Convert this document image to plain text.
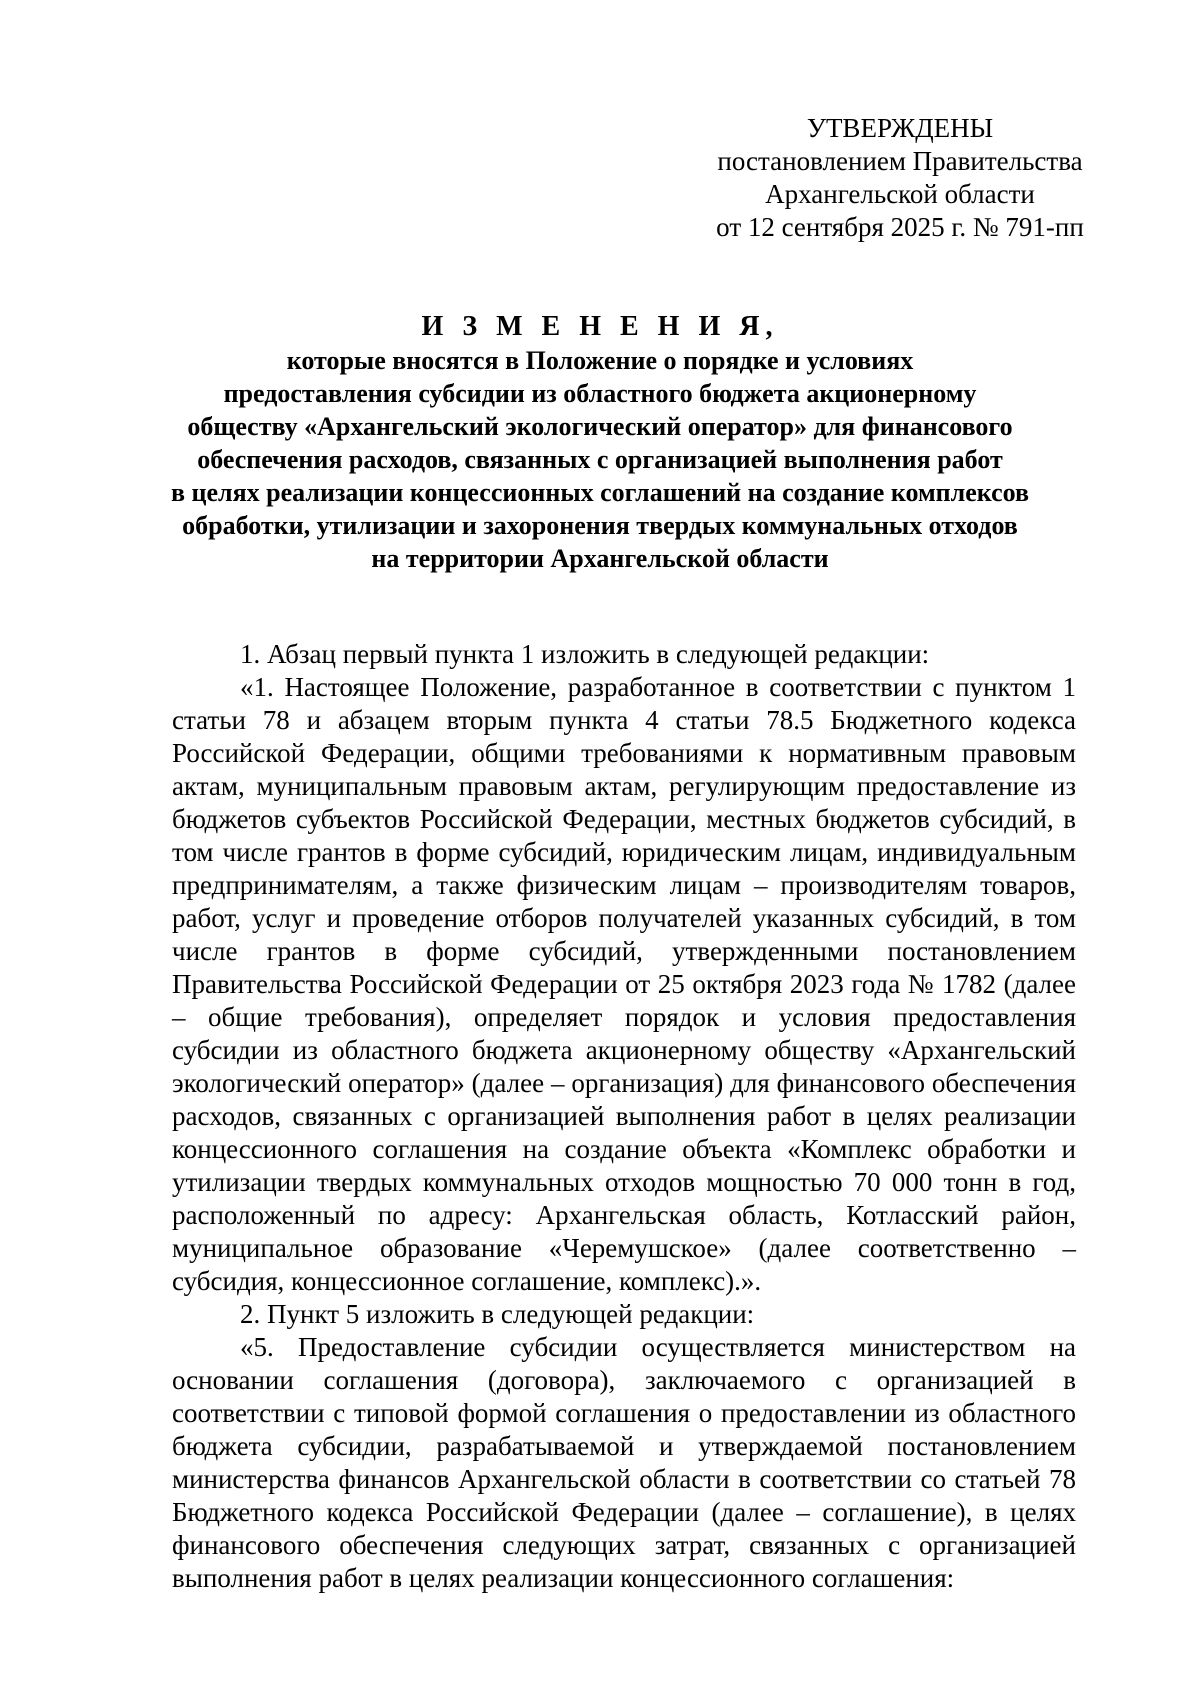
УТВЕРЖДЕНЫ
постановлением Правительства
Архангельской области
от 12 сентября 2025 г. № 791-пп
И З М Е Н Е Н И Я,
которые вносятся в Положение о порядке и условиях
предоставления субсидии из областного бюджета акционерному
обществу «Архангельский экологический оператор» для финансового
обеспечения расходов, связанных с организацией выполнения работ
в целях реализации концессионных соглашений на создание комплексов
обработки, утилизации и захоронения твердых коммунальных отходов
на территории Архангельской области

1. Абзац первый пункта 1 изложить в следующей редакции:

«1. Настоящее Положение, разработанное в соответствии с пунктом 1 статьи 78 и абзацем вторым пункта 4 статьи 78.5 Бюджетного кодекса Российской Федерации, общими требованиями к нормативным правовым актам, муниципальным правовым актам, регулирующим предоставление из бюджетов субъектов Российской Федерации, местных бюджетов субсидий, в том числе грантов в форме субсидий, юридическим лицам, индивидуальным предпринимателям, а также физическим лицам – производителям товаров, работ, услуг и проведение отборов получателей указанных субсидий, в том числе грантов в форме субсидий, утвержденными постановлением Правительства Российской Федерации от 25 октября 2023 года № 1782 (далее – общие требования), определяет порядок и условия предоставления субсидии из областного бюджета акционерному обществу «Архангельский экологический оператор» (далее – организация) для финансового обеспечения расходов, связанных с организацией выполнения работ в целях реализации концессионного соглашения на создание объекта «Комплекс обработки и утилизации твердых коммунальных отходов мощностью 70 000 тонн в год, расположенный по адресу: Архангельская область, Котласский район, муниципальное образование «Черемушское» (далее соответственно – субсидия, концессионное соглашение, комплекс).».

2. Пункт 5 изложить в следующей редакции:

«5. Предоставление субсидии осуществляется министерством на основании соглашения (договора), заключаемого с организацией в соответствии с типовой формой соглашения о предоставлении из областного бюджета субсидии, разрабатываемой и утверждаемой постановлением министерства финансов Архангельской области в соответствии со статьей 78 Бюджетного кодекса Российской Федерации (далее – соглашение), в целях финансового обеспечения следующих затрат, связанных с организацией выполнения работ в целях реализации концессионного соглашения:
